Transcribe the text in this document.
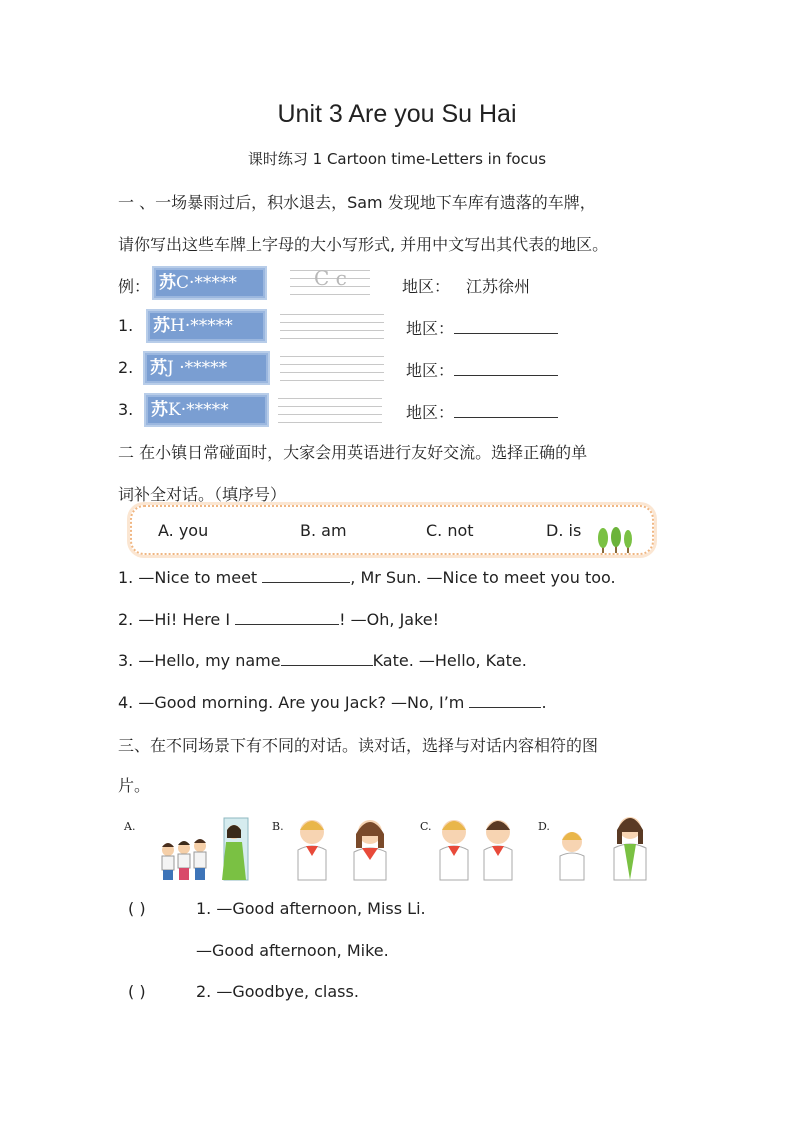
Unit 3 Are you Su Hai
课时练习 1 Cartoon time-Letters in focus
一 、一场暴雨过后，积水退去，Sam 发现地下车库有遗落的车牌，
请你写出这些车牌上字母的大小写形式, 并用中文写出其代表的地区。
例： 苏C·*****	C c	地区： 江苏徐州
1.	苏H·*****	地区：
2. 苏J ·*****	地区：
3.	苏K·*****	地区：
二 在小镇日常碰面时，大家会用英语进行友好交流。选择正确的单
词补全对话。（填序号）
A. you	B. am	C. not	D. is
1. —Nice to meet	, Mr Sun. —Nice to meet you too.
2. —Hi! Here I	! —Oh, Jake!
3. —Hello, my name	Kate. —Hello, Kate.
4. —Good morning. Are you Jack? —No, I’m	.
三、在不同场景下有不同的对话。读对话，选择与对话内容相符的图
片。
A.	B.	C.	D.
( )	1. —Good afternoon, Miss Li.
—Good afternoon, Mike.
( )	2. —Goodbye, class.
